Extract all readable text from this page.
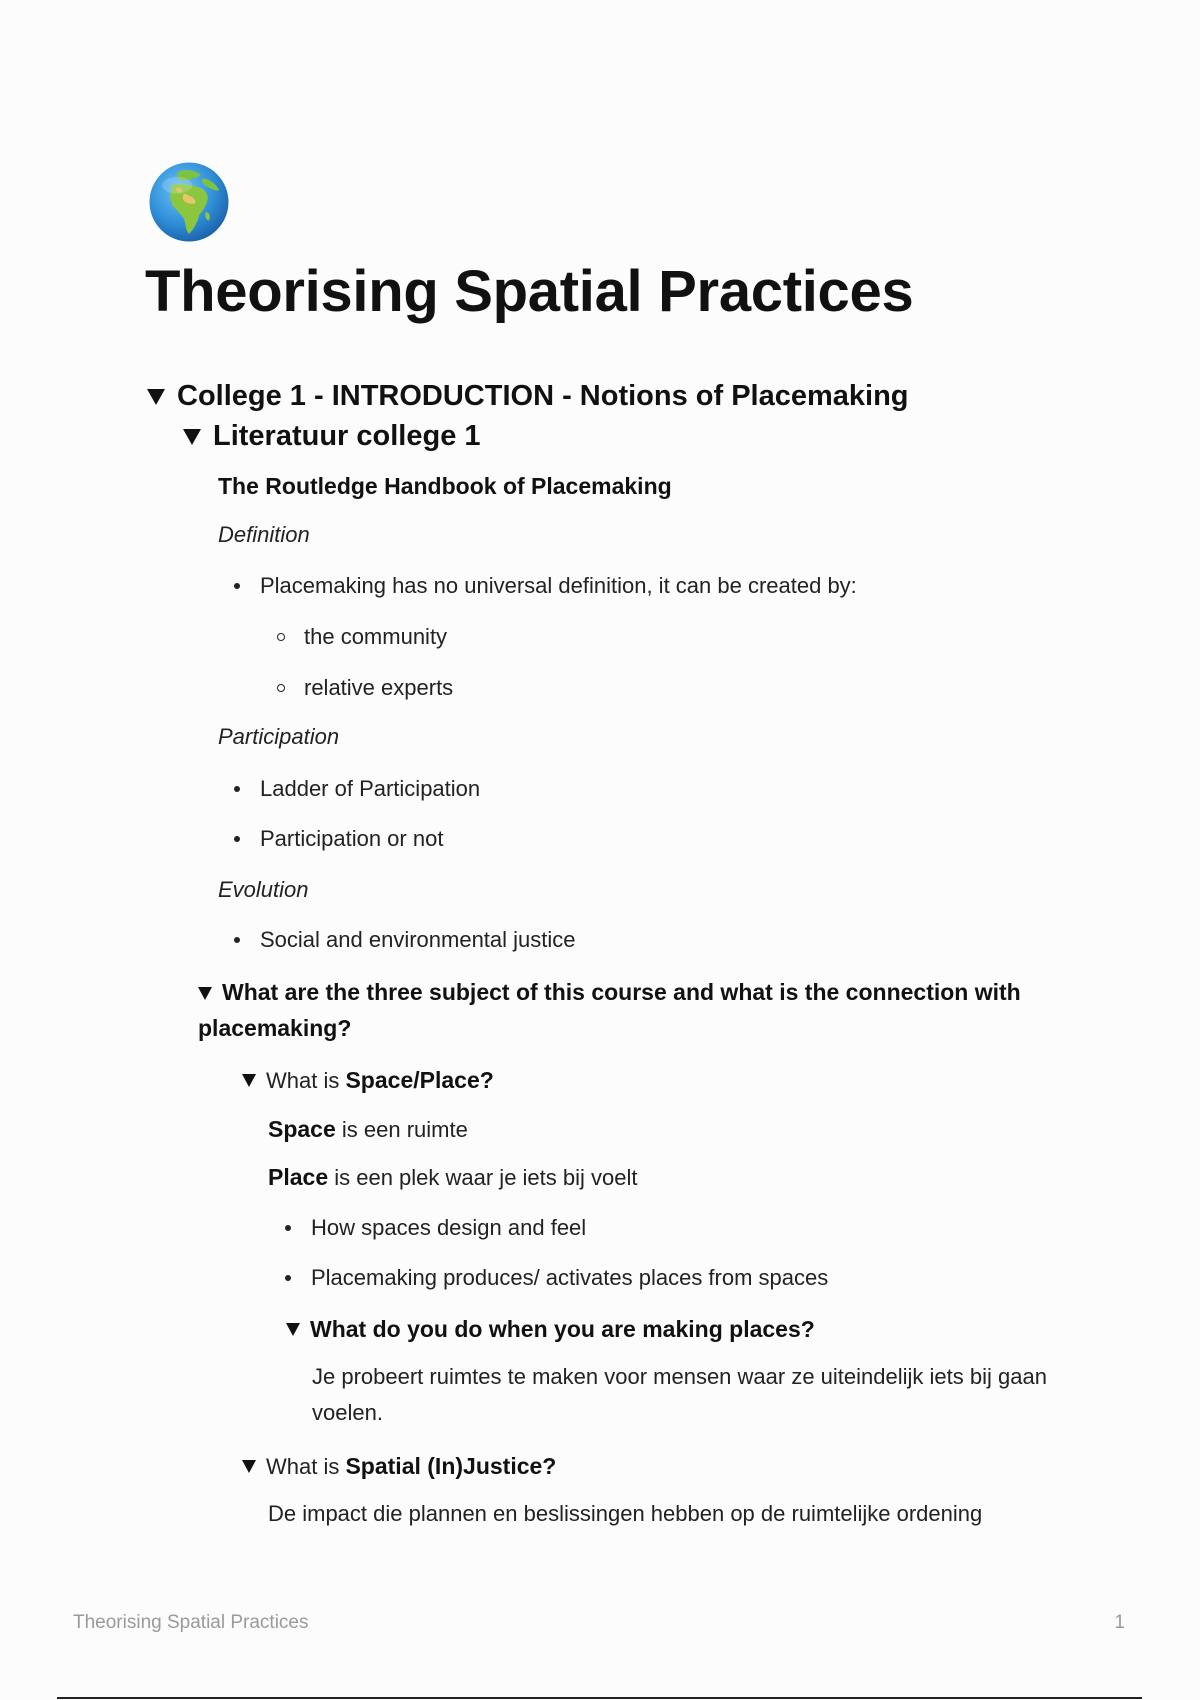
Theorising Spatial Practices
College 1 - INTRODUCTION - Notions of Placemaking
Literatuur college 1
The Routledge Handbook of Placemaking
Definition
Placemaking has no universal definition, it can be created by:
the community
relative experts
Participation
Ladder of Participation
Participation or not
Evolution
Social and environmental justice
What are the three subject of this course and what is the connection with placemaking?
What is Space/Place?
Space is een ruimte
Place is een plek waar je iets bij voelt
How spaces design and feel
Placemaking produces/ activates places from spaces
What do you do when you are making places?
Je probeert ruimtes te maken voor mensen waar ze uiteindelijk iets bij gaan voelen.
What is Spatial (In)Justice?
De impact die plannen en beslissingen hebben op de ruimtelijke ordening
Theorising Spatial Practices	1
